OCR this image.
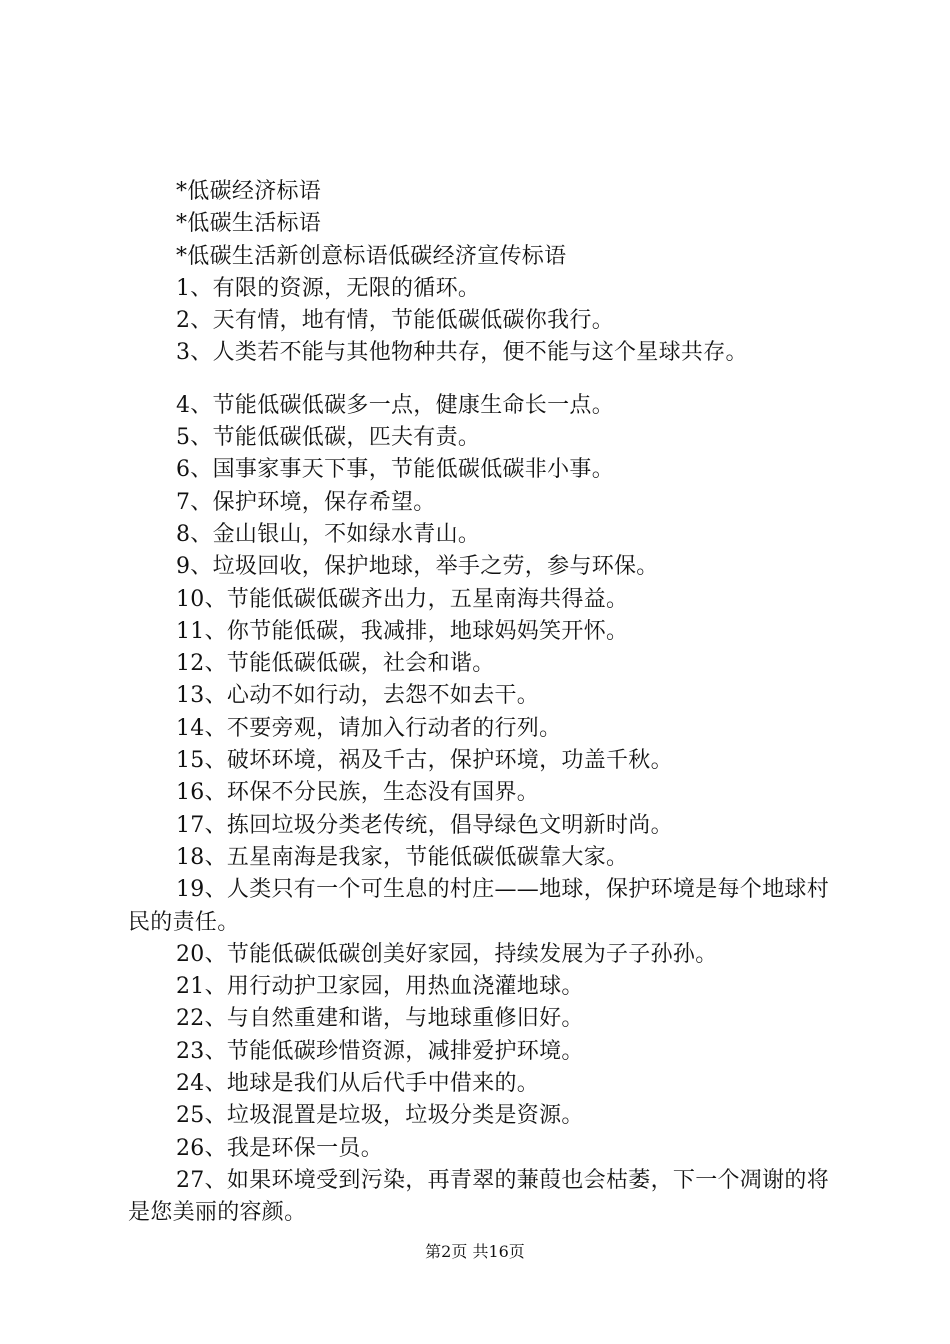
*低碳经济标语
*低碳生活标语
*低碳生活新创意标语低碳经济宣传标语
1、有限的资源，无限的循环。
2、天有情，地有情，节能低碳低碳你我行。
3、人类若不能与其他物种共存，便不能与这个星球共存。
4、节能低碳低碳多一点，健康生命长一点。
5、节能低碳低碳，匹夫有责。
6、国事家事天下事，节能低碳低碳非小事。
7、保护环境，保存希望。
8、金山银山，不如绿水青山。
9、垃圾回收，保护地球，举手之劳，参与环保。
10、节能低碳低碳齐出力，五星南海共得益。
11、你节能低碳，我减排，地球妈妈笑开怀。
12、节能低碳低碳，社会和谐。
13、心动不如行动，去怨不如去干。
14、不要旁观，请加入行动者的行列。
15、破坏环境，祸及千古，保护环境，功盖千秋。
16、环保不分民族，生态没有国界。
17、拣回垃圾分类老传统，倡导绿色文明新时尚。
18、五星南海是我家，节能低碳低碳靠大家。
19、人类只有一个可生息的村庄——地球，保护环境是每个地球村民的责任。
20、节能低碳低碳创美好家园，持续发展为子子孙孙。
21、用行动护卫家园，用热血浇灌地球。
22、与自然重建和谐，与地球重修旧好。
23、节能低碳珍惜资源，减排爱护环境。
24、地球是我们从后代手中借来的。
25、垃圾混置是垃圾，垃圾分类是资源。
26、我是环保一员。
27、如果环境受到污染，再青翠的蒹葭也会枯萎，下一个凋谢的将是您美丽的容颜。
第2页 共16页
